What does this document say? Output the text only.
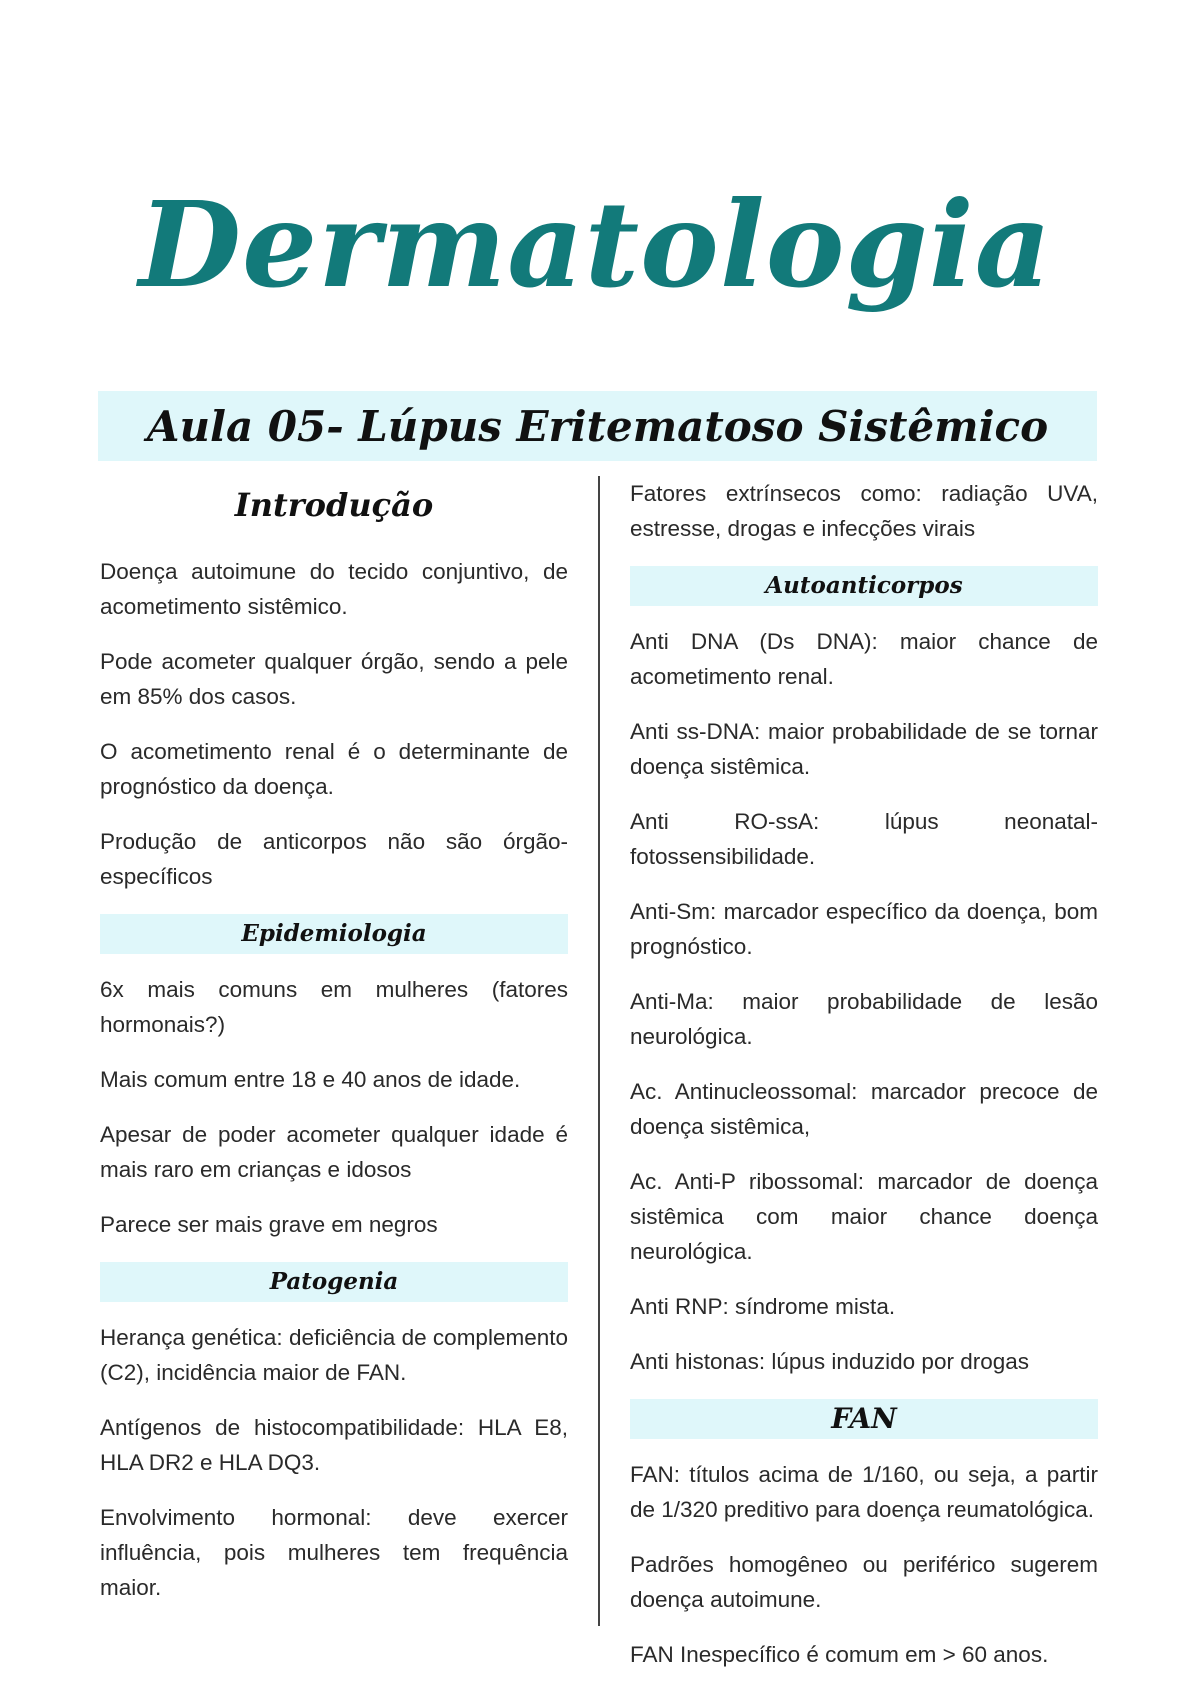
Dermatologia
Aula 05- Lúpus Eritematoso Sistêmico
Introdução

Doença autoimune do tecido conjuntivo, de acometimento sistêmico.

Pode acometer qualquer órgão, sendo a pele em 85% dos casos.

O acometimento renal é o determinante de prognóstico da doença.

Produção de anticorpos não são órgão-específicos

Epidemiologia

6x mais comuns em mulheres (fatores hormonais?)

Mais comum entre 18 e 40 anos de idade.

Apesar de poder acometer qualquer idade é mais raro em crianças e idosos

Parece ser mais grave em negros

Patogenia

Herança genética: deficiência de complemento (C2), incidência maior de FAN.

Antígenos de histocompatibilidade: HLA E8, HLA DR2 e HLA DQ3.

Envolvimento hormonal: deve exercer influência, pois mulheres tem frequência maior.

Fatores extrínsecos como: radiação UVA, estresse, drogas e infecções virais

Autoanticorpos

Anti DNA (Ds DNA): maior chance de acometimento renal.

Anti ss-DNA: maior probabilidade de se tornar doença sistêmica.

Anti RO-ssA: lúpus neonatal-fotossensibilidade.

Anti-Sm: marcador específico da doença, bom prognóstico.

Anti-Ma: maior probabilidade de lesão neurológica.

Ac. Antinucleossomal: marcador precoce de doença sistêmica,

Ac. Anti-P ribossomal: marcador de doença sistêmica com maior chance doença neurológica.

Anti RNP: síndrome mista.

Anti histonas: lúpus induzido por drogas

FAN

FAN: títulos acima de 1/160, ou seja, a partir de 1/320 preditivo para doença reumatológica.

Padrões homogêneo ou periférico sugerem doença autoimune.

FAN Inespecífico é comum em > 60 anos.
